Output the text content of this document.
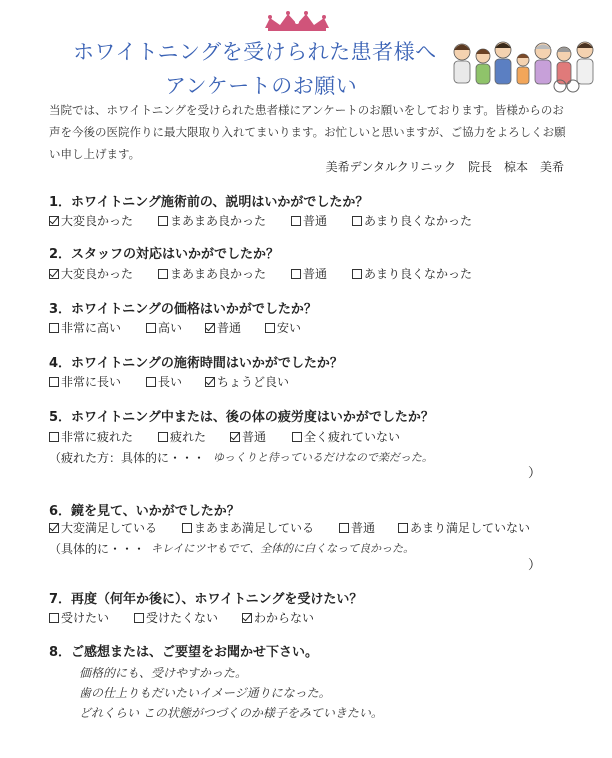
ホワイトニングを受けられた患者様へ
アンケートのお願い
当院では、ホワイトニングを受けられた患者様にアンケートのお願いをしております。皆様からのお声を今後の医院作りに最大限取り入れてまいります。お忙しいと思いますが、ご協力をよろしくお願い申し上げます。
美希デンタルクリニック　院長　椋本　美希
1．ホワイトニング施術前の、説明はいかがでしたか？
大変良かった	まあまあ良かった	普通	あまり良くなかった
2．スタッフの対応はいかがでしたか？
大変良かった	まあまあ良かった	普通	あまり良くなかった
3．ホワイトニングの価格はいかがでしたか？
非常に高い	高い	普通	安い
4．ホワイトニングの施術時間はいかがでしたか？
非常に長い	長い	ちょうど良い
5．ホワイトニング中または、後の体の疲労度はいかがでしたか？
非常に疲れた	疲れた	普通	全く疲れていない
（疲れた方：具体的に・・・ ゆっくりと待っているだけなので楽だった。
）
6．鏡を見て、いかがでしたか？
大変満足している	まあまあ満足している	普通	あまり満足していない
（具体的に・・・ キレイにツヤもでて、全体的に白くなって良かった。
）
7．再度（何年か後に）、ホワイトニングを受けたい？
受けたい	受けたくない	わからない
8．ご感想または、ご要望をお聞かせ下さい。
価格的にも、受けやすかった。
歯の仕上りもだいたいイメージ通りになった。
どれくらい この状態がつづくのか様子をみていきたい。
